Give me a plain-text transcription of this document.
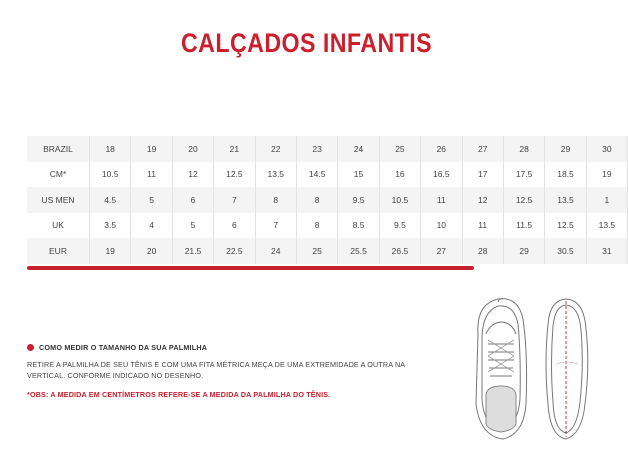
CALÇADOS INFANTIS
BRAZIL	18	19	20	21	22	23	24	25	26	27	28	29	30
CM*	10.5	11	12	12.5	13.5	14.5	15	16	16.5	17	17.5	18.5	19
US MEN	4.5	5	6	7	8	8	9.5	10.5	11	12	12.5	13.5	1
UK	3.5	4	5	6	7	8	8.5	9.5	10	11	11.5	12.5	13.5
EUR	19	20	21.5	22.5	24	25	25.5	26.5	27	28	29	30.5	31
COMO MEDIR O TAMANHO DA SUA PALMILHA
RETIRE A PALMILHA DE SEU TÊNIS E COM UMA FITA MÉTRICA MEÇA DE UMA EXTREMIDADE A OUTRA NA
VERTICAL. CONFORME INDICADO NO DESENHO.
*OBS: A MEDIDA EM CENTÍMETROS REFERE-SE A MEDIDA DA PALMILHA DO TÊNIS.
